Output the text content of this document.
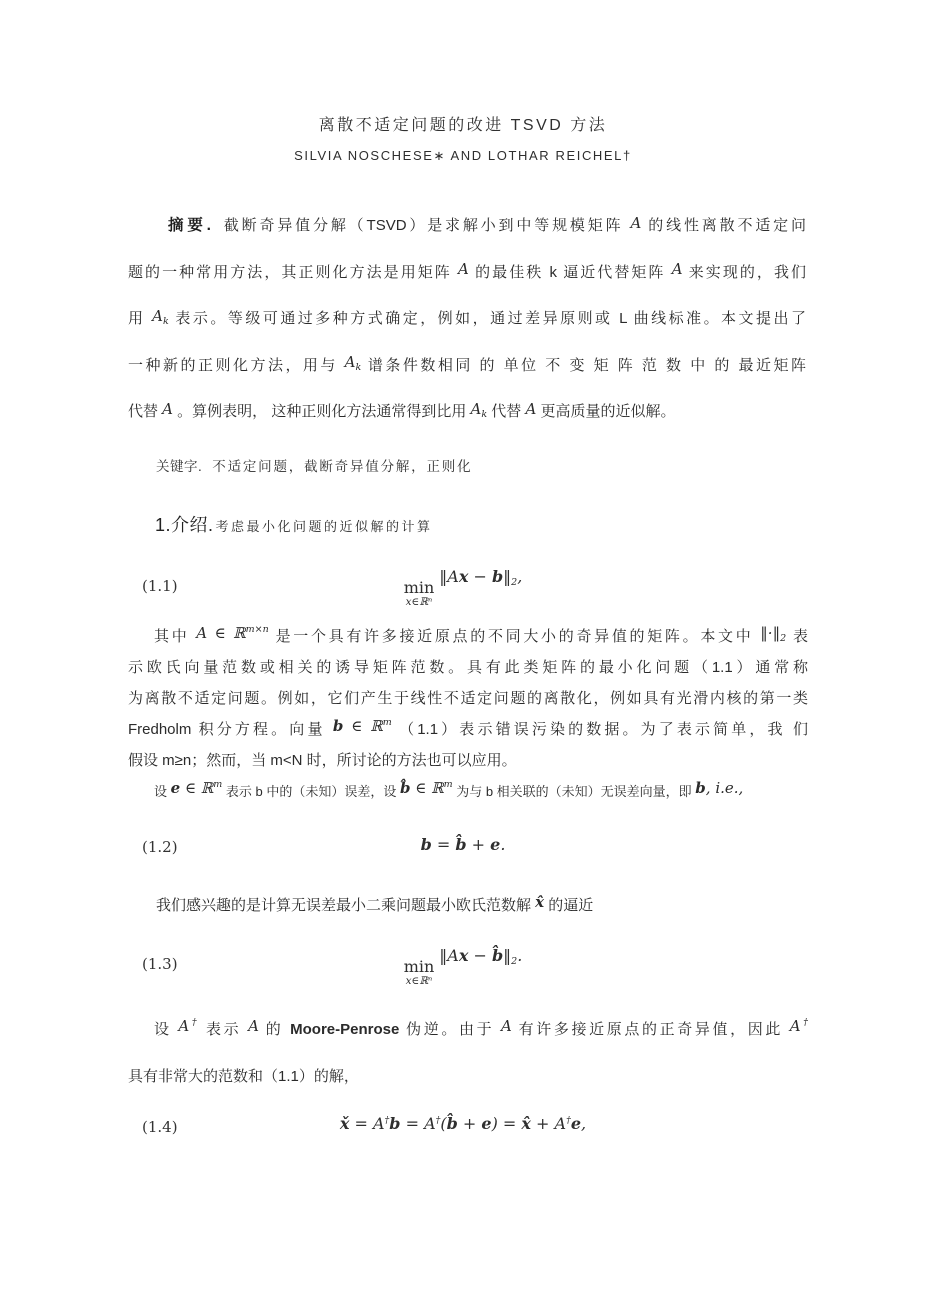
离散不适定问题的改进 TSVD 方法
SILVIA NOSCHESE∗ AND LOTHAR REICHEL†
摘要. 截断奇异值分解（TSVD）是求解小到中等规模矩阵 A 的线性离散不适定问
题的一种常用方法，其正则化方法是用矩阵 A 的最佳秩 k 逼近代替矩阵 A 来实现的，我们
用 $A_k$ 表示。等级可通过多种方式确定，例如，通过差异原则或 L 曲线标准。本文提出了
一种新的正则化方法，用与 $A_k$ 谱条件数相同 的 单位 不 变 矩 阵 范 数 中 的 最近矩阵
代替 A 。算例表明， 这种正则化方法通常得到比用 $A_k$ 代替 A 更高质量的近似解。
关键字. 不适定问题，截断奇异值分解，正则化
1.介绍. 考虑最小化问题的近似解的计算
(1.1)	min
x∈ℝⁿ
‖Ax − $b‖_2$,
其中 A ∈ ℝ$^{m\times n}$ 是一个具有许多接近原点的不同大小的奇异值的矩阵。本文中 $‖\cdot‖_2$ 表
示欧氏向量范数或相关的诱导矩阵范数。具有此类矩阵的最小化问题（1.1）通常称
为离散不适定问题。例如，它们产生于线性不适定问题的离散化，例如具有光滑内核的第一类
Fredholm 积分方程。向量 b ∈ ℝ$^m$ （1.1）表示错误污染的数据。为了表示简单，我 们
假设 m≥n；然而，当 m<N 时，所讨论的方法也可以应用。
设 e ∈ ℝ$^m$ 表示 b 中的（未知）误差，设 b̂ ∈ ℝ$^m$ 为与 b 相关联的（未知）无误差向量，即 b, i.e.,
(1.2)	b = b̂ + e.
我们感兴趣的是计算无误差最小二乘问题最小欧氏范数解 x̂ 的逼近
(1.3)	min
x∈ℝⁿ
‖Ax − $b̂‖_2$.
设 A† 表示 A 的 Moore-Penrose 伪逆。由于 A 有许多接近原点的正奇异值，因此 A†
具有非常大的范数和（1.1）的解，
(1.4)	x̌ = A†b = A†(b̂ + e) = x̂ + A†e,
